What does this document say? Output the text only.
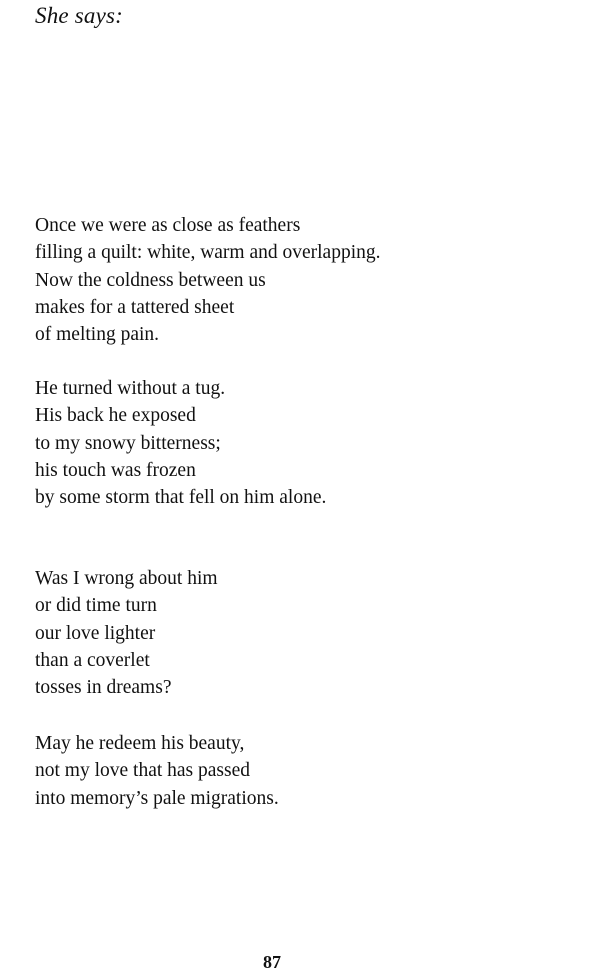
She says:

Once we were as close as feathers
filling a quilt: white, warm and overlapping.
Now the coldness between us
makes for a tattered sheet
of melting pain.

He turned without a tug.
His back he exposed
to my snowy bitterness;
his touch was frozen
by some storm that fell on him alone.

Was I wrong about him
or did time turn
our love lighter
than a coverlet
tosses in dreams?

May he redeem his beauty,
not my love that has passed
into memory’s pale migrations.

87
